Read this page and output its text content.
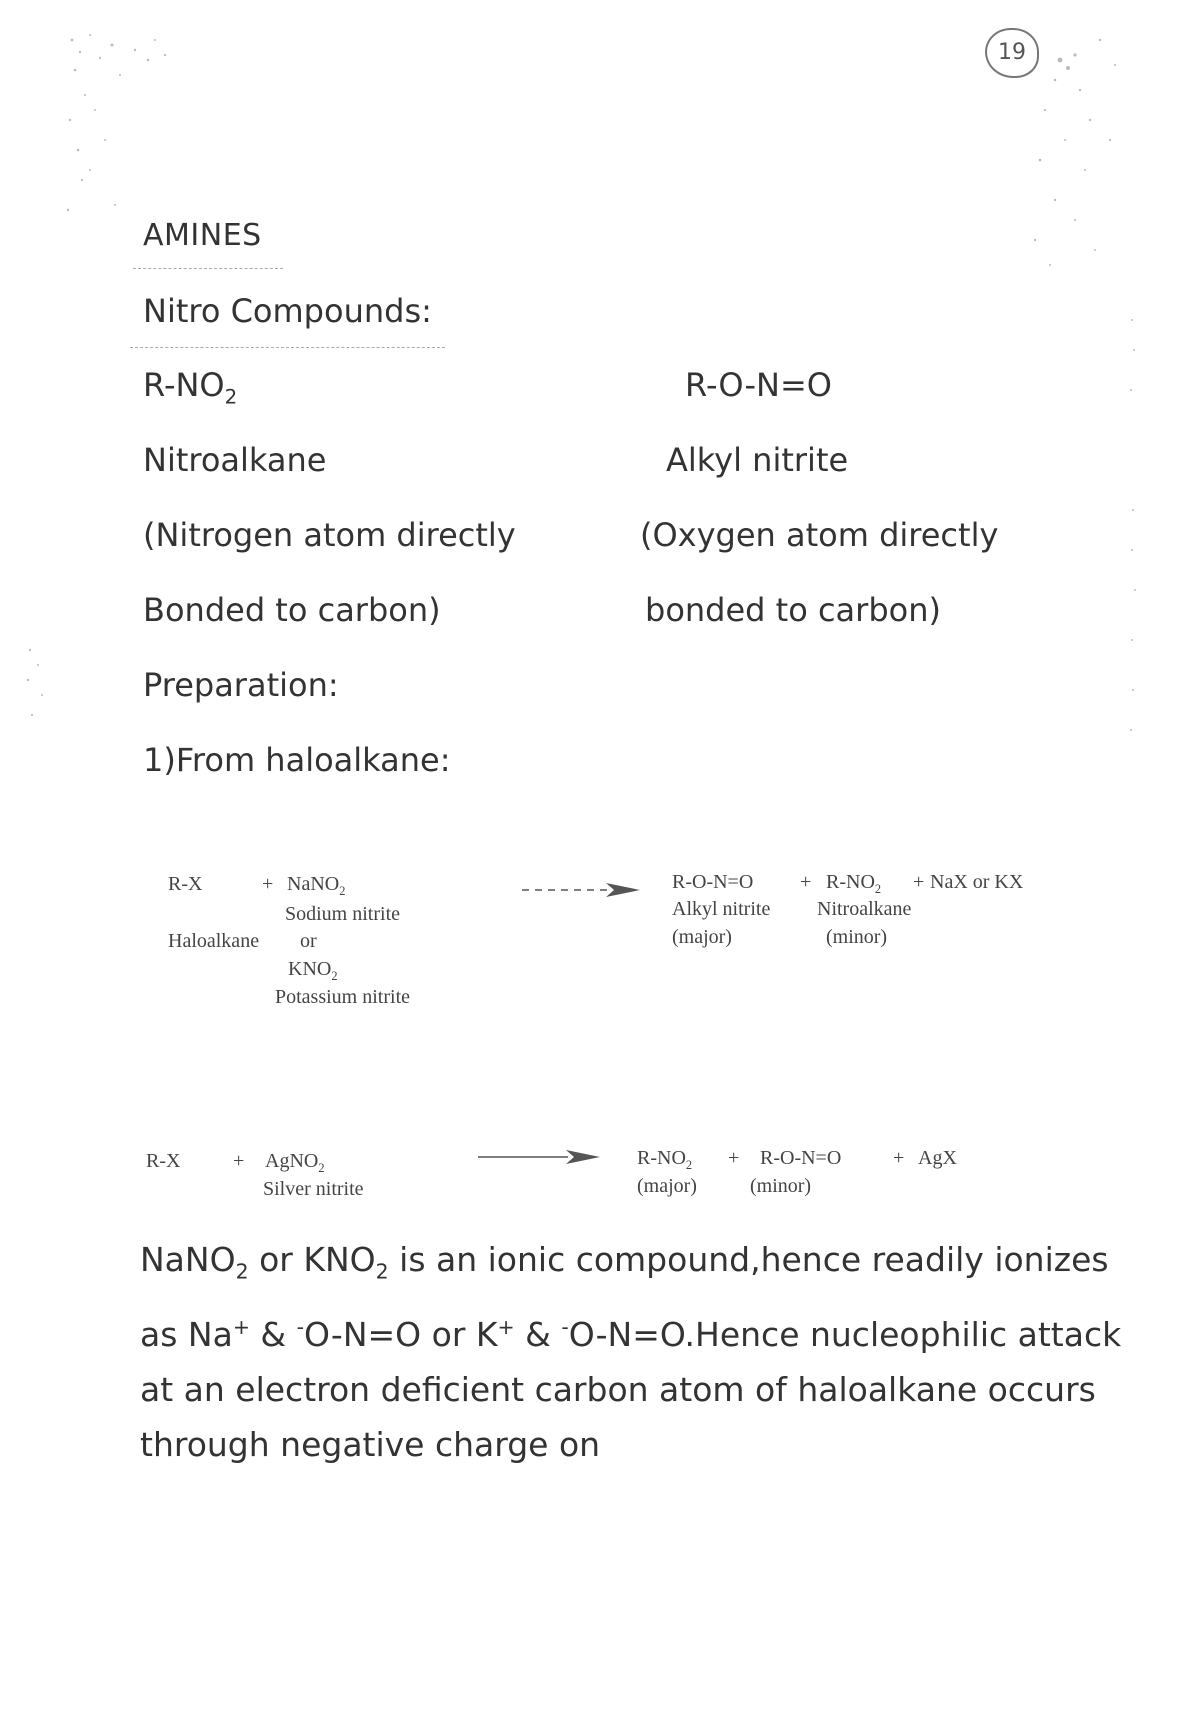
19
AMINES
Nitro Compounds:
$R-NO_2$	R-O-N=O
Nitroalkane	Alkyl nitrite
(Nitrogen atom directly	(Oxygen atom directly
Bonded to carbon)	bonded to carbon)
Preparation:
1)From haloalkane:
R-X	+ NaNO$_2$
Sodium nitrite
Haloalkane or
$KNO_2$
Potassium nitrite
$R-O-N=O + R-NO_2$ + NaX or KX
Alkyl nitrite Nitroalkane
(major)	(minor)
R-X	+ AgNO$_2$
Silver nitrite
$R-NO_2 + R-O-N=O$	+ AgX
(major)	(minor)
NaNO$_2$ or $KNO_2$ is an ionic compound,hence readily ionizes as Na+ & -O-N=O or K+ & -O-N=O.Hence nucleophilic attack at an electron deficient carbon atom of haloalkane occurs through negative charge on
